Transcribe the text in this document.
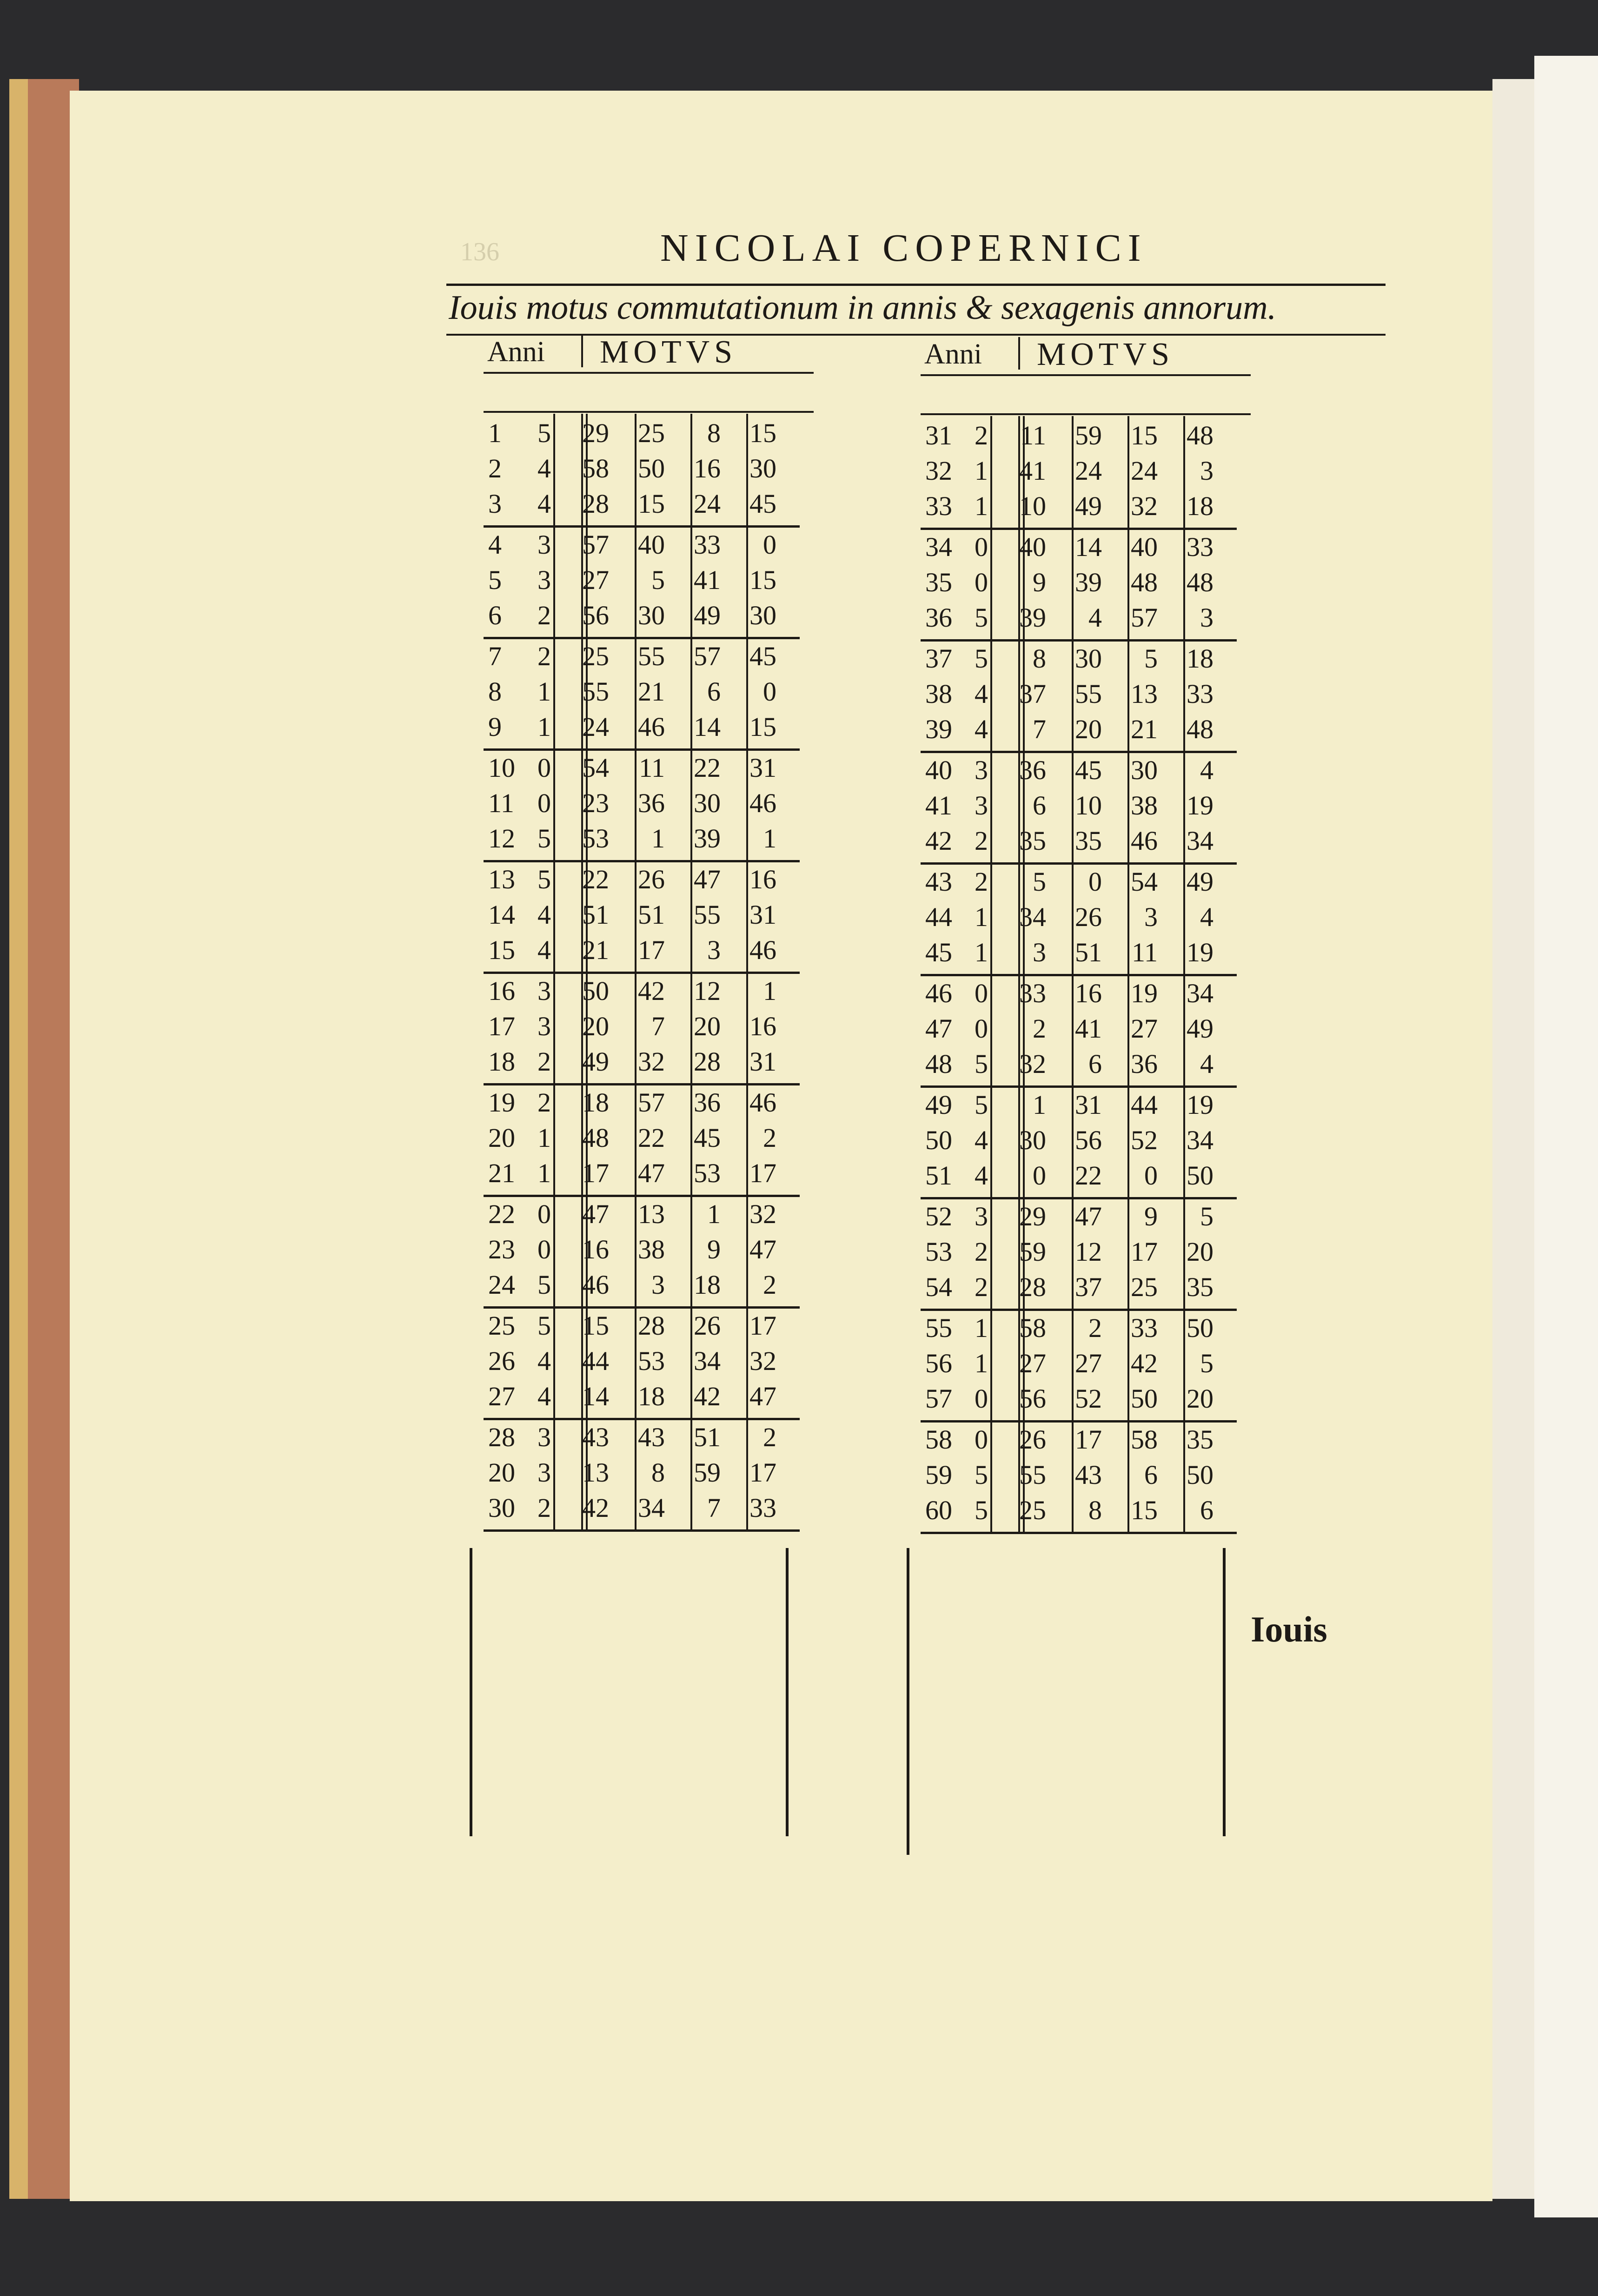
136	NICOLAI COPERNICI
Iouis motus commutationum in annis & sexagenis annorum.
Anni MOTVS
1 5 29 25 8 15
2 4 58 50 16 30
3 4 28 15 24 45
4 3 57 40 33 0
5 3 27 5 41 15
6 2 56 30 49 30
7 2 25 55 57 45
8 1 55 21 6 0
9 1 24 46 14 15
10 0 54 11 22 31
11 0 23 36 30 46
12 5 53 1 39 1
13 5 22 26 47 16
14 4 51 51 55 31
15 4 21 17 3 46
16 3 50 42 12 1
17 3 20 7 20 16
18 2 49 32 28 31
19 2 18 57 36 46
20 1 48 22 45 2
21 1 17 47 53 17
22 0 47 13 1 32
23 0 16 38 9 47
24 5 46 3 18 2
25 5 15 28 26 17
26 4 44 53 34 32
27 4 14 18 42 47
28 3 43 43 51 2
20 3 13 8 59 17
30 2 42 34 7 33
Anni MOTVS
31 2 11 59 15 48
32 1 41 24 24 3
33 1 10 49 32 18
34 0 40 14 40 33
35 0 9 39 48 48
36 5 39 4 57 3
37 5 8 30 5 18
38 4 37 55 13 33
39 4 7 20 21 48
40 3 36 45 30 4
41 3 6 10 38 19
42 2 35 35 46 34
43 2 5 0 54 49
44 1 34 26 3 4
45 1 3 51 11 19
46 0 33 16 19 34
47 0 2 41 27 49
48 5 32 6 36 4
49 5 1 31 44 19
50 4 30 56 52 34
51 4 0 22 0 50
52 3 29 47 9 5
53 2 59 12 17 20
54 2 28 37 25 35
55 1 58 2 33 50
56 1 27 27 42 5
57 0 56 52 50 20
58 0 26 17 58 35
59 5 55 43 6 50
60 5 25 8 15 6
Iouis
